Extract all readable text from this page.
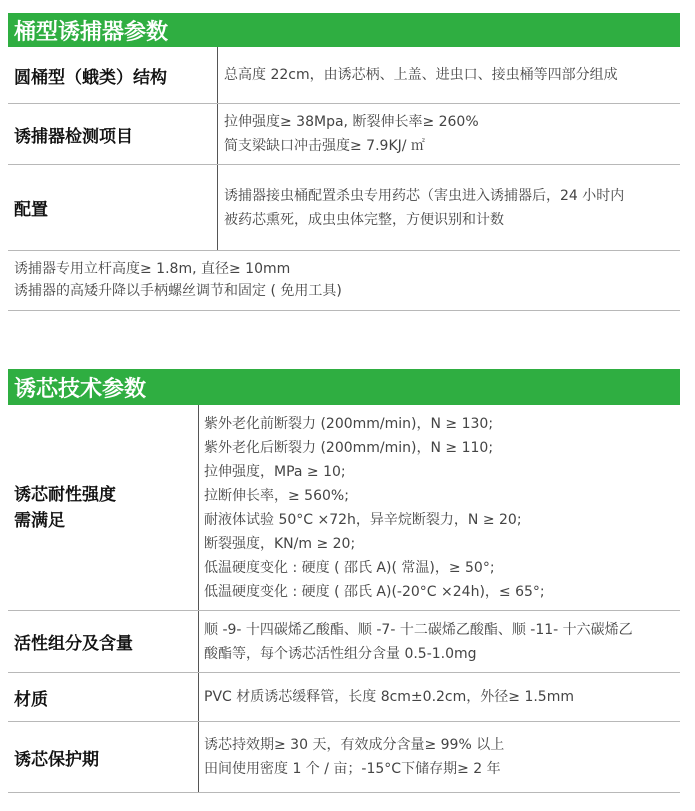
桶型诱捕器参数
圆桶型（蛾类）结构	总高度 22cm，由诱芯柄、上盖、进虫口、接虫桶等四部分组成
诱捕器检测项目
拉伸强度≥ 38Mpa, 断裂伸长率≥ 260%
简支梁缺口冲击强度≥ 7.9KJ/ ㎡
配置
诱捕器接虫桶配置杀虫专用药芯（害虫进入诱捕器后，24 小时内
被药芯熏死，成虫虫体完整，方便识别和计数
诱捕器专用立杆高度≥ 1.8m, 直径≥ 10mm
诱捕器的高矮升降以手柄螺丝调节和固定 ( 免用工具)
诱芯技术参数
诱芯耐性强度
需满足
紫外老化前断裂力 (200mm/min)，N ≥ 130;
紫外老化后断裂力 (200mm/min)，N ≥ 110;
拉伸强度，MPa ≥ 10;
拉断伸长率，≥ 560%;
耐液体试验 50°C ×72h，异辛烷断裂力，N ≥ 20;
断裂强度，KN/m ≥ 20;
低温硬度变化 : 硬度 ( 邵氏 A)( 常温)，≥ 50°;
低温硬度变化 : 硬度 ( 邵氏 A)(-20°C ×24h)，≤ 65°;
活性组分及含量
顺 -9- 十四碳烯乙酸酯、顺 -7- 十二碳烯乙酸酯、顺 -11- 十六碳烯乙
酸酯等，每个诱芯活性组分含量 0.5-1.0mg
材质	PVC 材质诱芯缓释管，长度 8cm±0.2cm，外径≥ 1.5mm
诱芯保护期
诱芯持效期≥ 30 天，有效成分含量≥ 99% 以上
田间使用密度 1 个 / 亩；-15°C下储存期≥ 2 年
